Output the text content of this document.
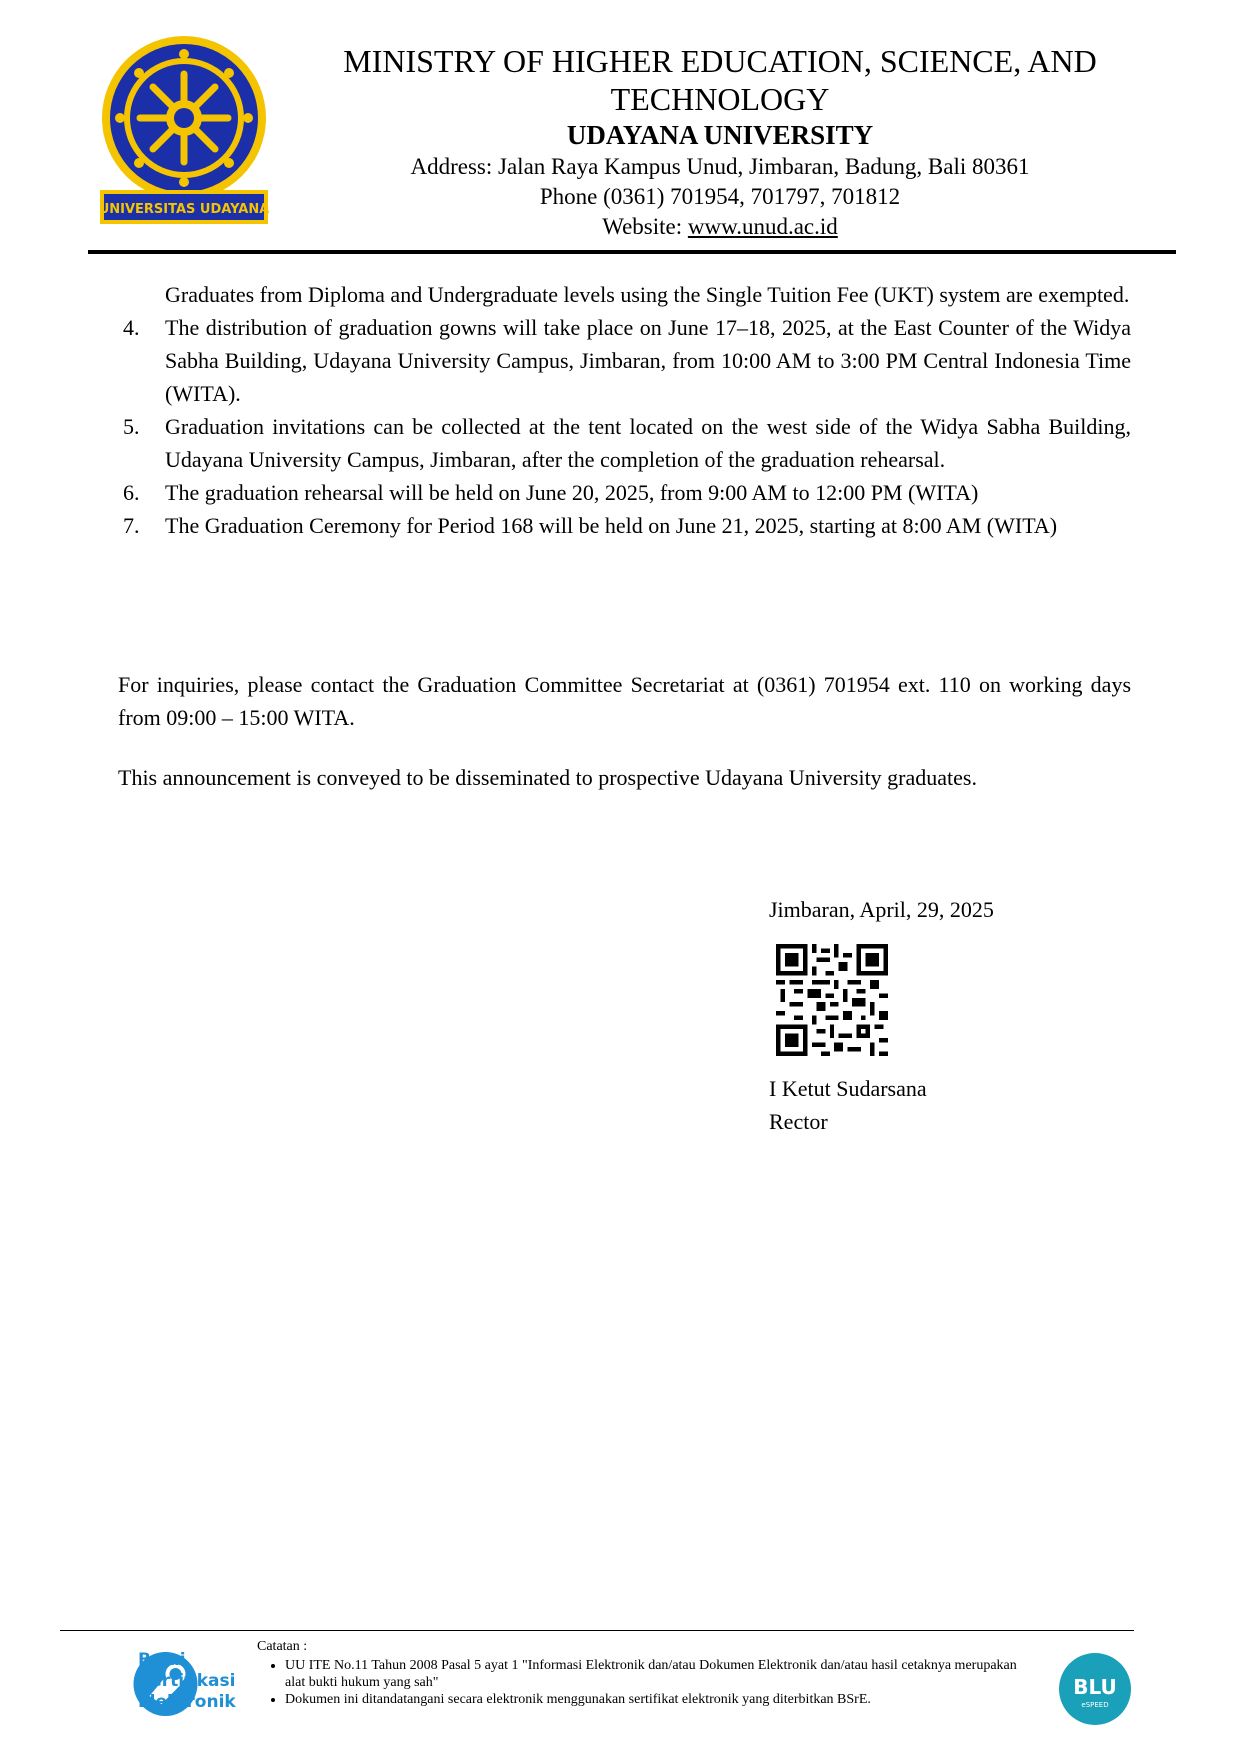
UNIVERSITAS UDAYANA
MINISTRY OF HIGHER EDUCATION, SCIENCE, AND
TECHNOLOGY
UDAYANA UNIVERSITY
Address: Jalan Raya Kampus Unud, Jimbaran, Badung, Bali 80361
Phone (0361) 701954, 701797, 701812
Website: www.unud.ac.id
Graduates from Diploma and Undergraduate levels using the Single Tuition Fee (UKT) system are exempted.
4. The distribution of graduation gowns will take place on June 17–18, 2025, at the East Counter of the Widya Sabha Building, Udayana University Campus, Jimbaran, from 10:00 AM to 3:00 PM Central Indonesia Time (WITA).
5. Graduation invitations can be collected at the tent located on the west side of the Widya Sabha Building, Udayana University Campus, Jimbaran, after the completion of the graduation rehearsal.
6. The graduation rehearsal will be held on June 20, 2025, from 9:00 AM to 12:00 PM (WITA)
7. The Graduation Ceremony for Period 168 will be held on June 21, 2025, starting at 8:00 AM (WITA)

For inquiries, please contact the Graduation Committee Secretariat at (0361) 701954 ext. 110 on working days from 09:00 – 15:00 WITA.

This announcement is conveyed to be disseminated to prospective Udayana University graduates.

Jimbaran, April, 29, 2025
I Ketut Sudarsana
Rector
Balai
Sertifikasi
Elektronik
Catatan :
• UU ITE No.11 Tahun 2008 Pasal 5 ayat 1 "Informasi Elektronik dan/atau Dokumen Elektronik dan/atau hasil cetaknya merupakan alat bukti hukum yang sah"
• Dokumen ini ditandatangani secara elektronik menggunakan sertifikat elektronik yang diterbitkan BSrE.
BLU
eSPEED
